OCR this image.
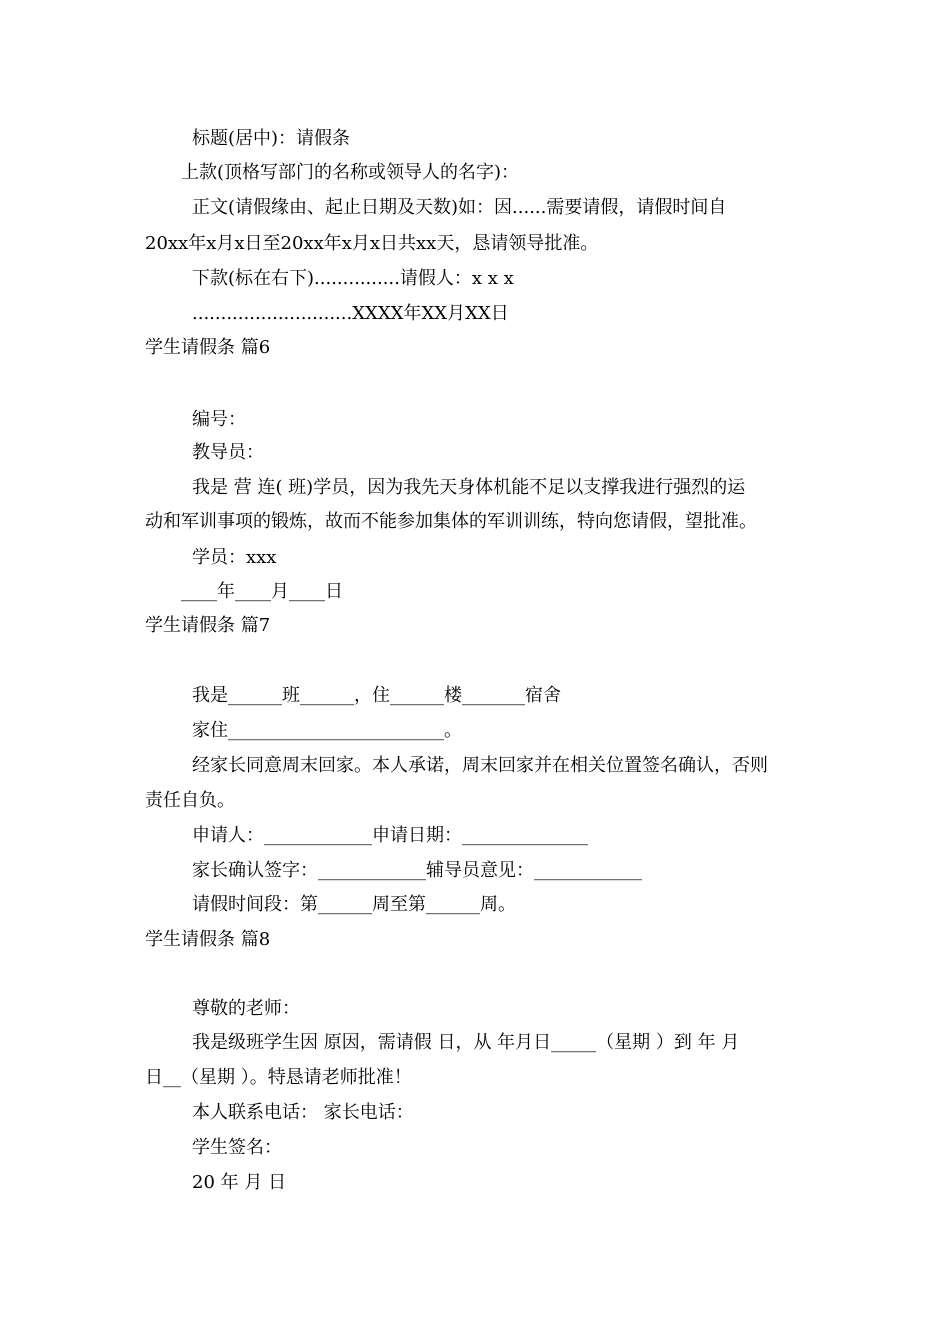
标题(居中)：请假条
上款(顶格写部门的名称或领导人的名字)：
正文(请假缘由、起止日期及天数)如：因......需要请假，请假时间自
20xx年x月x日至20xx年x月x日共xx天，恳请领导批准。
下款(标在右下)...............请假人：x x x
............................XXXX年XX月XX日
学生请假条 篇6
编号：
教导员：
我是 营 连( 班)学员，因为我先天身体机能不足以支撑我进行强烈的运
动和军训事项的锻炼，故而不能参加集体的军训训练，特向您请假，望批准。
学员：xxx
____年____月____日
学生请假条 篇7
我是______班______，住______楼_______宿舍
家住________________________。
经家长同意周末回家。本人承诺，周末回家并在相关位置签名确认，否则
责任自负。
申请人：____________申请日期：______________
家长确认签字：____________辅导员意见：____________
请假时间段：第______周至第______周。
学生请假条 篇8
尊敬的老师：
我是级班学生因 原因，需请假 日，从 年月日_____（星期 ）到 年 月
日__（星期 ）。特恳请老师批准！
本人联系电话： 家长电话：
学生签名：
20 年 月 日
